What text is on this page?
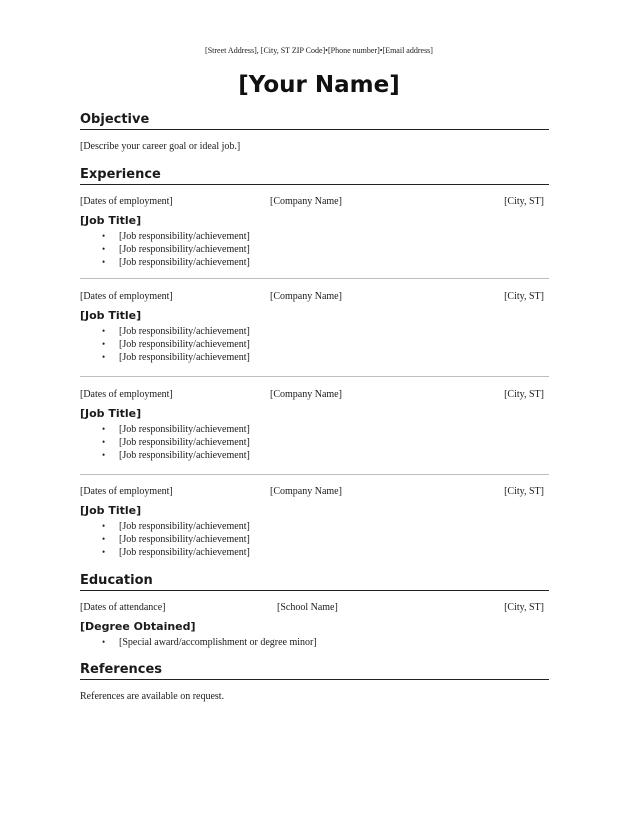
[Street Address], [City, ST ZIP Code]•[Phone number]•[Email address]
[Your Name]
Objective
[Describe your career goal or ideal job.]
Experience
[Dates of employment]	[Company Name]	[City, ST]
[Job Title]
• [Job responsibility/achievement]
• [Job responsibility/achievement]
• [Job responsibility/achievement]
[Dates of employment]	[Company Name]	[City, ST]
[Job Title]
• [Job responsibility/achievement]
• [Job responsibility/achievement]
• [Job responsibility/achievement]
[Dates of employment]	[Company Name]	[City, ST]
[Job Title]
• [Job responsibility/achievement]
• [Job responsibility/achievement]
• [Job responsibility/achievement]
[Dates of employment]	[Company Name]	[City, ST]
[Job Title]
• [Job responsibility/achievement]
• [Job responsibility/achievement]
• [Job responsibility/achievement]
Education
[Dates of attendance]	[School Name]	[City, ST]
[Degree Obtained]
• [Special award/accomplishment or degree minor]
References
References are available on request.
